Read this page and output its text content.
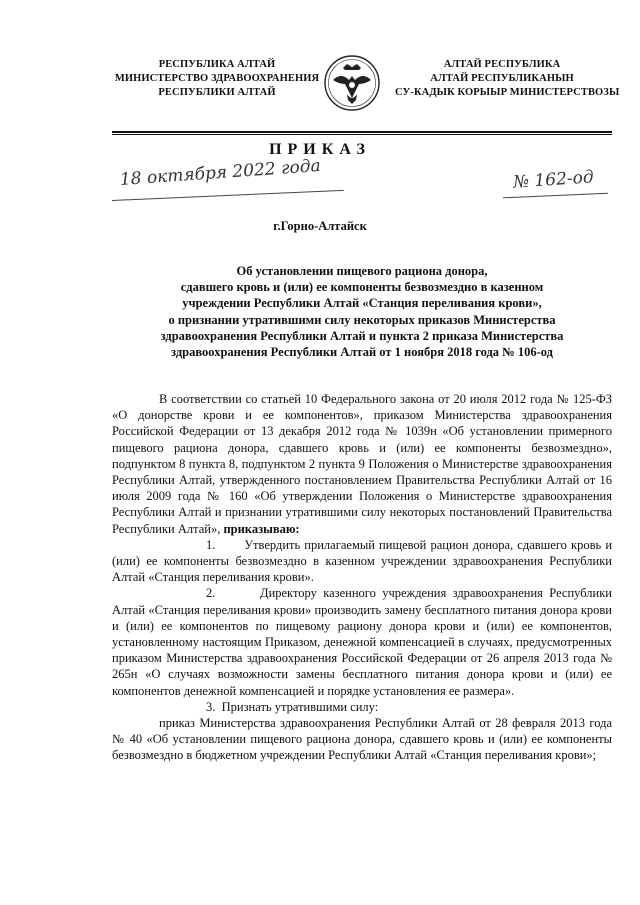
РЕСПУБЛИКА АЛТАЙ
МИНИСТЕРСТВО ЗДРАВООХРАНЕНИЯ
РЕСПУБЛИКИ АЛТАЙ
АЛТАЙ РЕСПУБЛИКА
АЛТАЙ РЕСПУБЛИКАНЫН
СУ-КАДЫК КОРЫЫР МИНИСТЕРСТВОЗЫ
ПРИКАЗ
18 октября 2022 года	№ 162-од
г.Горно-Алтайск
Об установлении пищевого рациона донора,
сдавшего кровь и (или) ее компоненты безвозмездно в казенном
учреждении Республики Алтай «Станция переливания крови»,
о признании утратившими силу некоторых приказов Министерства
здравоохранения Республики Алтай и пункта 2 приказа Министерства
здравоохранения Республики Алтай от 1 ноября 2018 года № 106-од
В соответствии со статьей 10 Федерального закона от 20 июля 2012 года № 125-ФЗ «О донорстве крови и ее компонентов», приказом Министерства здравоохранения Российской Федерации от 13 декабря 2012 года № 1039н «Об установлении примерного пищевого рациона донора, сдавшего кровь и (или) ее компоненты безвозмездно», подпунктом 8 пункта 8, подпунктом 2 пункта 9 Положения о Министерстве здравоохранения Республики Алтай, утвержденного постановлением Правительства Республики Алтай от 16 июля 2009 года № 160 «Об утверждении Положения о Министерстве здравоохранения Республики Алтай и признании утратившими силу некоторых постановлений Правительства Республики Алтай», приказываю:
1. Утвердить прилагаемый пищевой рацион донора, сдавшего кровь и (или) ее компоненты безвозмездно в казенном учреждении здравоохранения Республики Алтай «Станция переливания крови».
2.	Директору казенного учреждения здравоохранения Республики Алтай «Станция переливания крови» производить замену бесплатного питания донора крови и (или) ее компонентов по пищевому рациону донора крови и (или) ее компонентов, установленному настоящим Приказом, денежной компенсацией в случаях, предусмотренных приказом Министерства здравоохранения Российской Федерации от 26 апреля 2013 года № 265н «О случаях возможности замены бесплатного питания донора крови и (или) ее компонентов денежной компенсацией и порядке установления ее размера».
3. Признать утратившими силу:
приказ Министерства здравоохранения Республики Алтай от 28 февраля 2013 года № 40 «Об установлении пищевого рациона донора, сдавшего кровь и (или) ее компоненты безвозмездно в бюджетном учреждении Республики Алтай «Станция переливания крови»;
